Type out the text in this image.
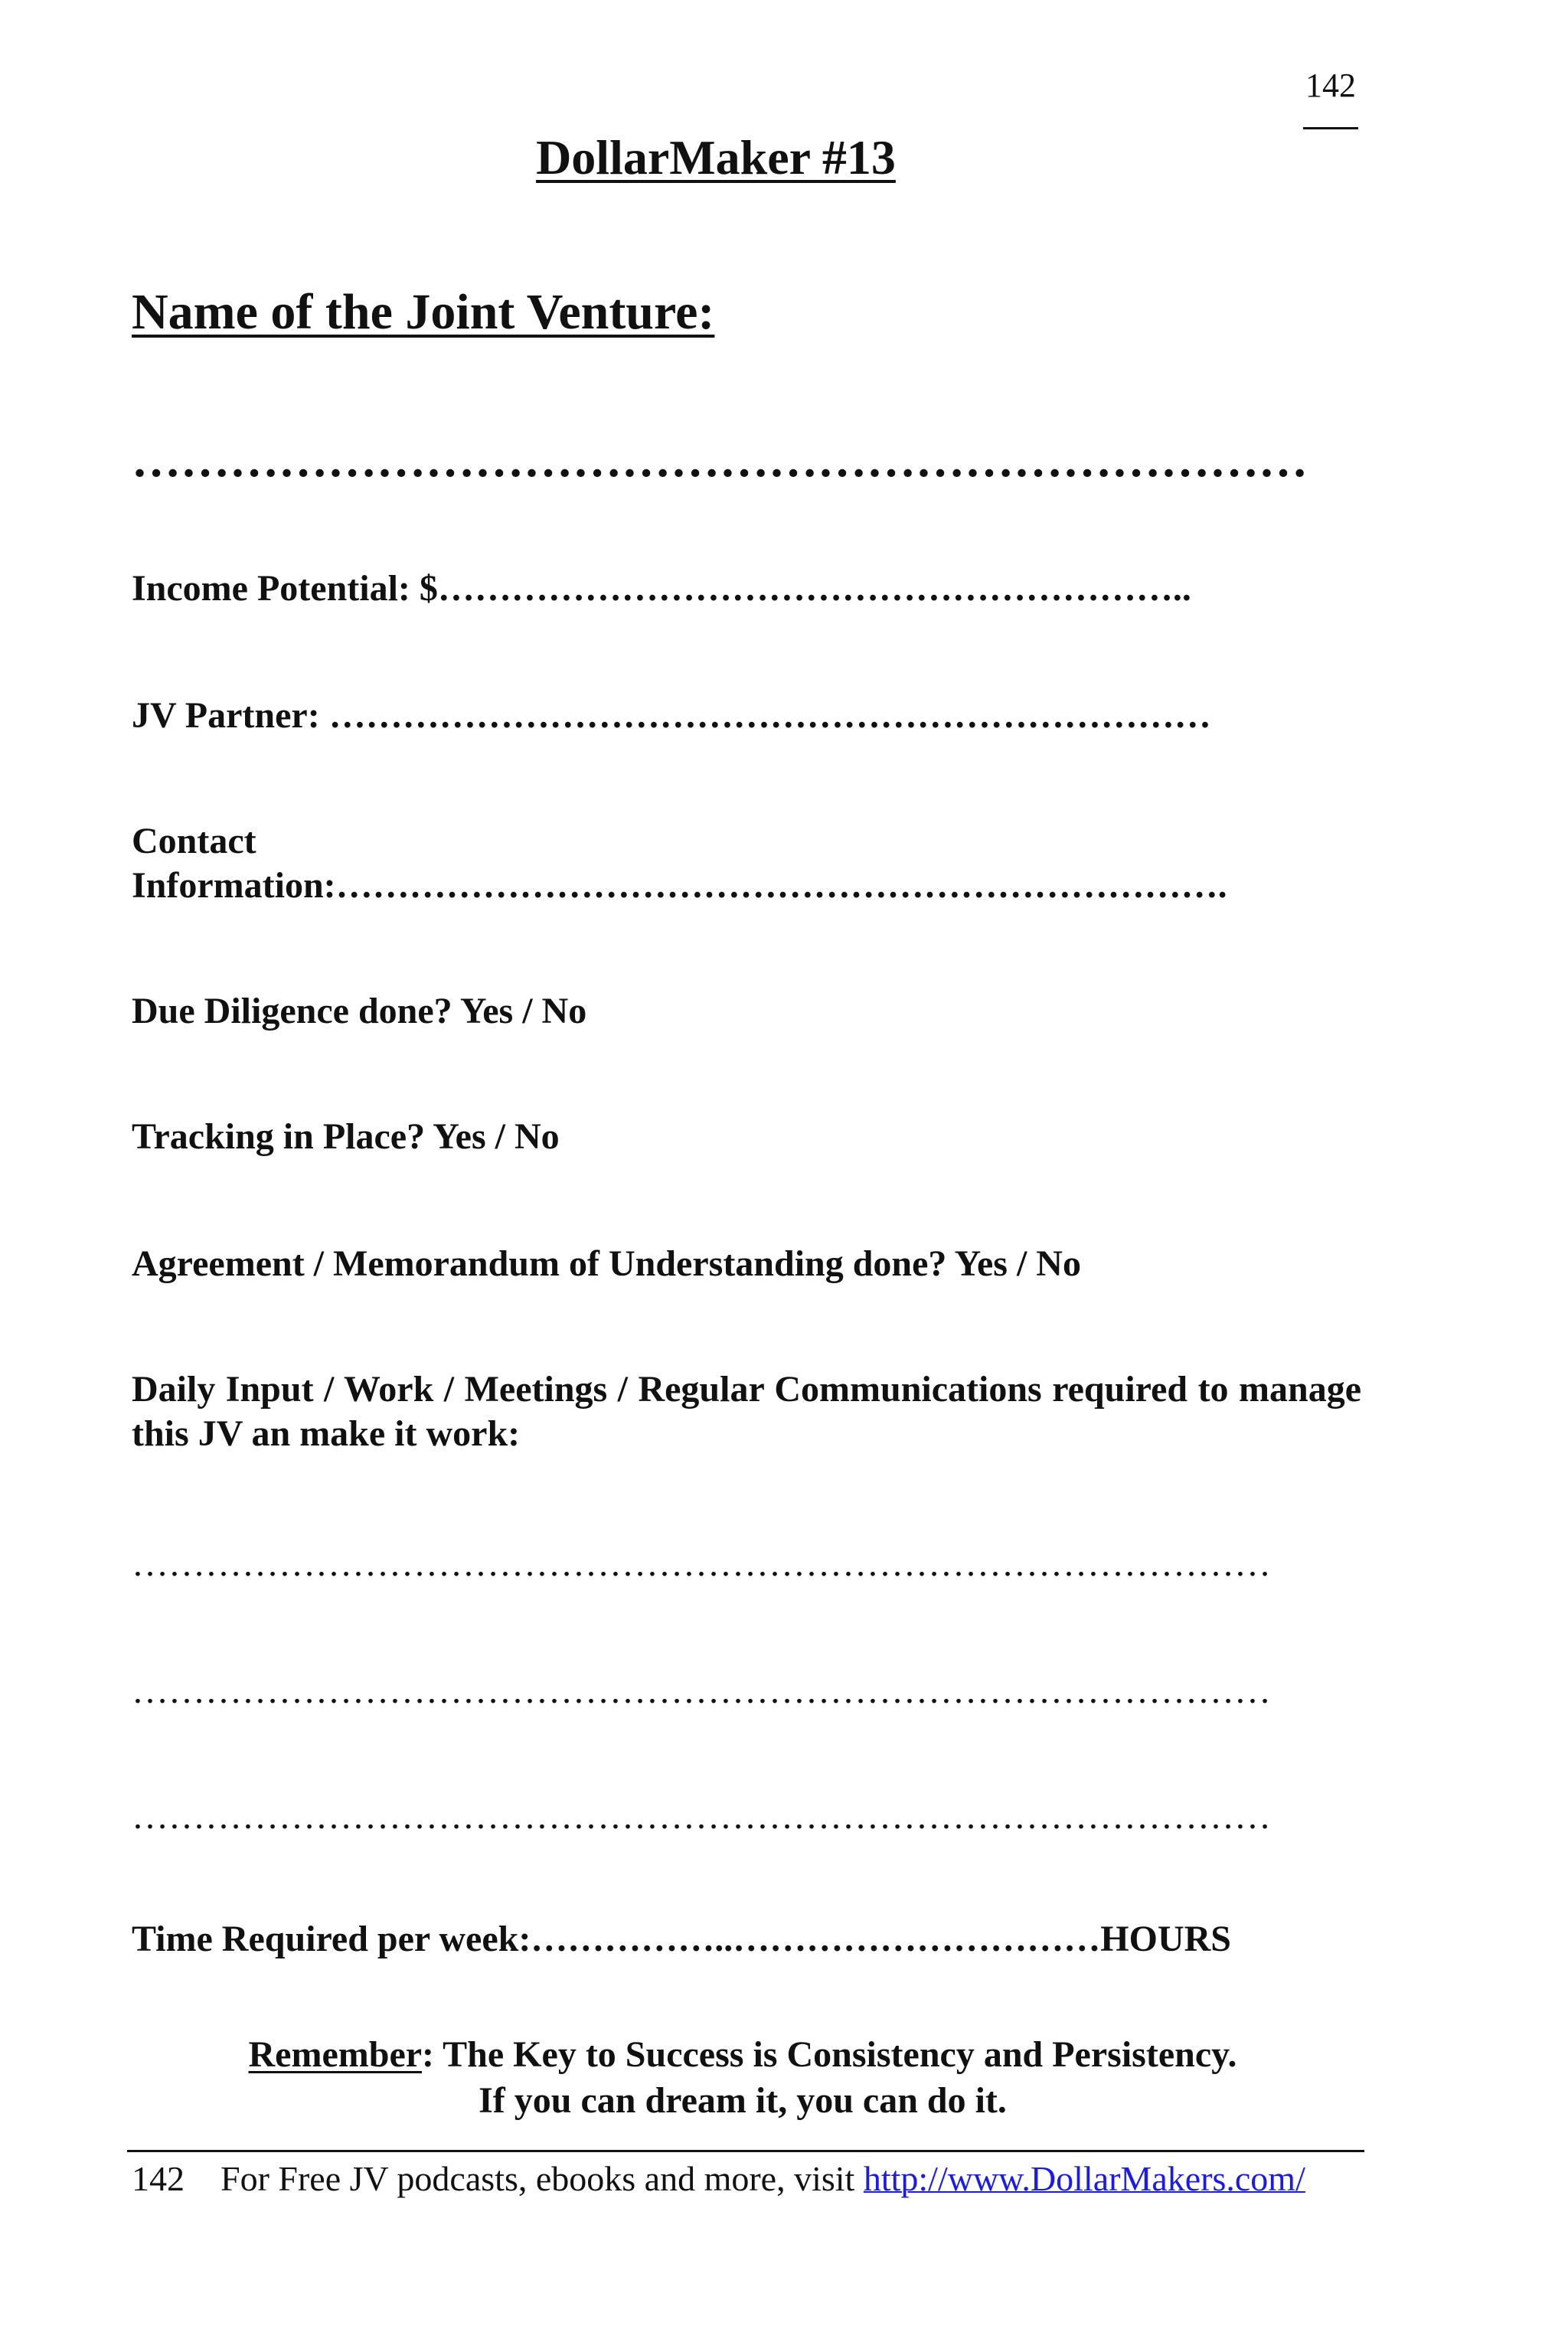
142
DollarMaker #13
Name of the Joint Venture:
………………………………………………………………
Income Potential: $……………………………………………………..
JV Partner: ………………………………………………………………
Contact
Information:……………………………………………………………….
Due Diligence done? Yes / No
Tracking in Place? Yes / No
Agreement / Memorandum of Understanding done? Yes / No
Daily Input / Work / Meetings / Regular Communications required to manage this JV an make it work:
…………………………………………………………………………………
…………………………………………………………………………………
…………………………………………………………………………………
Time Required per week:……………..…………………………HOURS
Remember: The Key to Success is Consistency and Persistency.
If you can dream it, you can do it.
142 For Free JV podcasts, ebooks and more, visit http://www.DollarMakers.com/
